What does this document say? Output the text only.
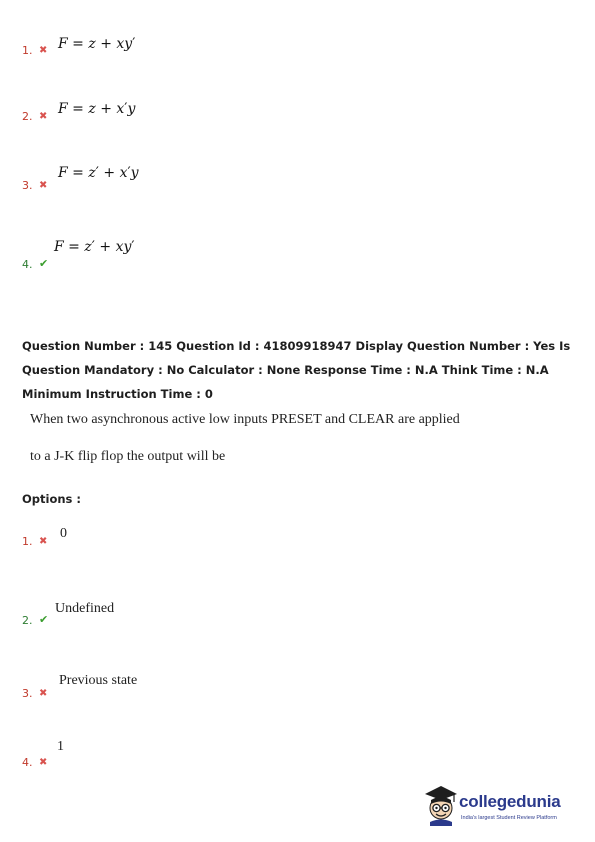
1. ✖ F = z + xy′
2. ✖ F = z + x′y
3. ✖
F = z′ + x′y
4. ✔
F = z′ + xy′
Question Number : 145 Question Id : 41809918947 Display Question Number : Yes Is Question Mandatory : No Calculator : None Response Time : N.A Think Time : N.A Minimum Instruction Time : 0
When two asynchronous active low inputs PRESET and CLEAR are applied
to a J-K flip flop the output will be
Options :
1. ✖
0
2. ✔
Undefined
3. ✖
Previous state
4. ✖
1
collegedunia
India's largest Student Review Platform
